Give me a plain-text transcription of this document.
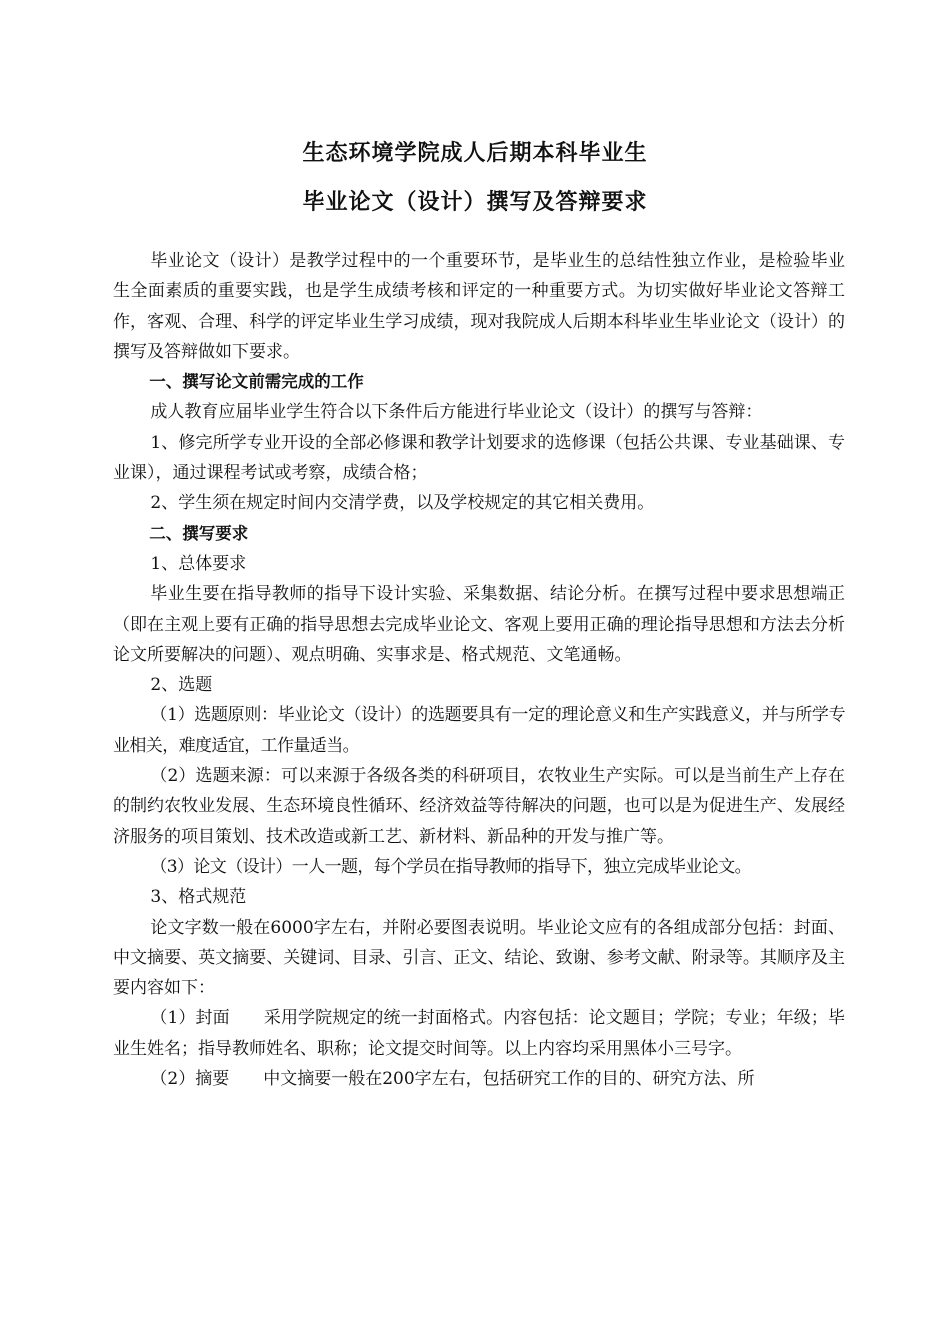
生态环境学院成人后期本科毕业生
毕业论文（设计）撰写及答辩要求

毕业论文（设计）是教学过程中的一个重要环节，是毕业生的总结性独立作业，是检验毕业生全面素质的重要实践，也是学生成绩考核和评定的一种重要方式。为切实做好毕业论文答辩工作，客观、合理、科学的评定毕业生学习成绩，现对我院成人后期本科毕业生毕业论文（设计）的撰写及答辩做如下要求。

一、撰写论文前需完成的工作

成人教育应届毕业学生符合以下条件后方能进行毕业论文（设计）的撰写与答辩：

1、修完所学专业开设的全部必修课和教学计划要求的选修课（包括公共课、专业基础课、专业课），通过课程考试或考察，成绩合格；

2、学生须在规定时间内交清学费，以及学校规定的其它相关费用。

二、撰写要求

1、总体要求

毕业生要在指导教师的指导下设计实验、采集数据、结论分析。在撰写过程中要求思想端正（即在主观上要有正确的指导思想去完成毕业论文、客观上要用正确的理论指导思想和方法去分析论文所要解决的问题）、观点明确、实事求是、格式规范、文笔通畅。

2、选题

（1）选题原则：毕业论文（设计）的选题要具有一定的理论意义和生产实践意义，并与所学专业相关，难度适宜，工作量适当。

（2）选题来源：可以来源于各级各类的科研项目，农牧业生产实际。可以是当前生产上存在的制约农牧业发展、生态环境良性循环、经济效益等待解决的问题，也可以是为促进生产、发展经济服务的项目策划、技术改造或新工艺、新材料、新品种的开发与推广等。

（3）论文（设计）一人一题，每个学员在指导教师的指导下，独立完成毕业论文。

3、格式规范

论文字数一般在6000字左右，并附必要图表说明。毕业论文应有的各组成部分包括：封面、中文摘要、英文摘要、关键词、目录、引言、正文、结论、致谢、参考文献、附录等。其顺序及主要内容如下：

（1）封面　　采用学院规定的统一封面格式。内容包括：论文题目；学院；专业；年级；毕业生姓名；指导教师姓名、职称；论文提交时间等。以上内容均采用黑体小三号字。

（2）摘要　　中文摘要一般在200字左右，包括研究工作的目的、研究方法、所
